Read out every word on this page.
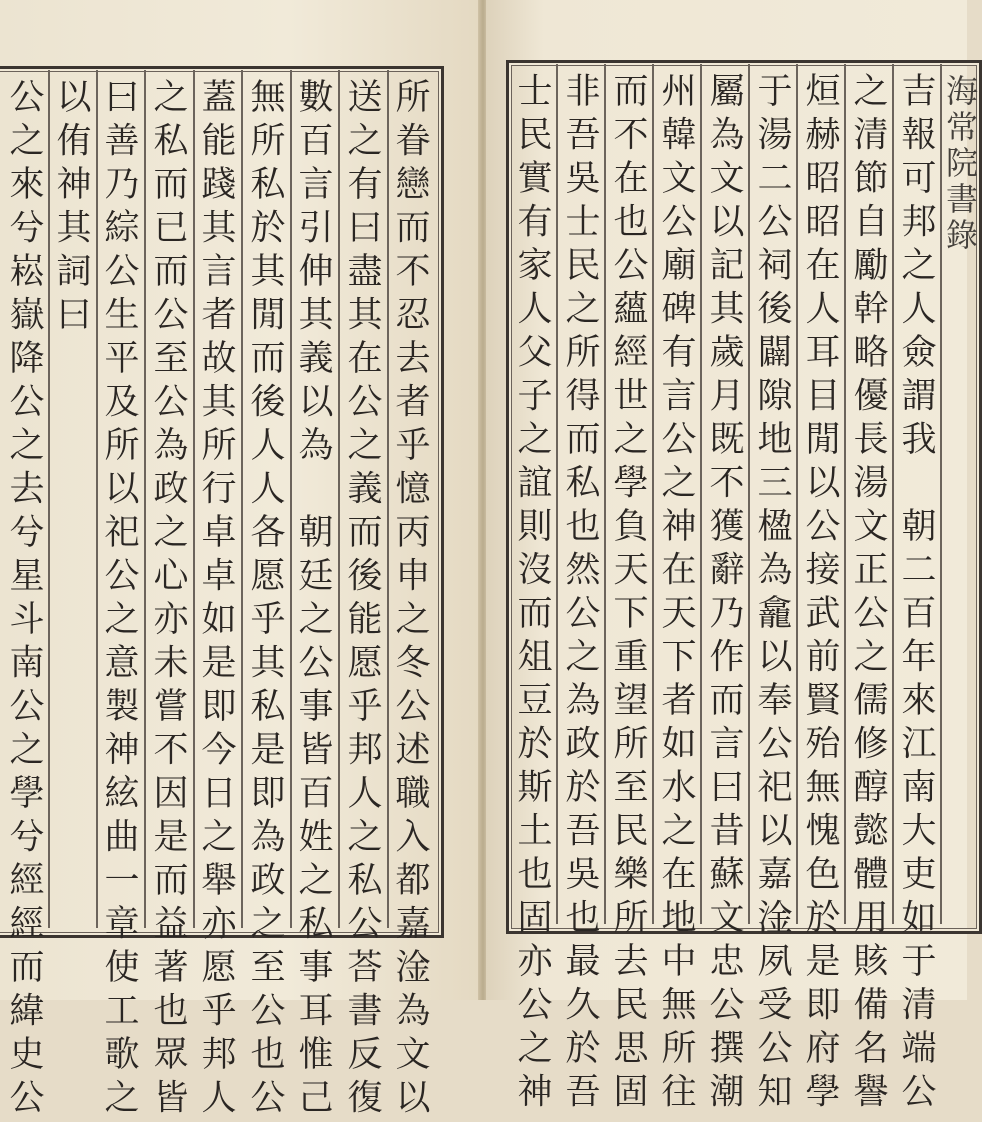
所眷戀而不忍去者乎憶丙申之冬公述職入都嘉淦為文以
送之有曰盡其在公之義而後能愿乎邦人之私公荅書反復
數百言引伸其義以為　朝廷之公事皆百姓之私事耳惟己
無所私於其閒而後人人各愿乎其私是即為政之至公也公
蓋能踐其言者故其所行卓卓如是即今日之舉亦愿乎邦人
之私而已而公至公為政之心亦未嘗不因是而益著也眾皆
曰善乃綜公生平及所以祀公之意製神絃曲一章使工歌之
以侑神其詞曰
公之來兮崧嶽降公之去兮星斗南公之學兮經經而緯史公	吉報可邦之人僉謂我　朝二百年來江南大吏如于清端公
之清節自勵幹略優長湯文正公之儒修醇懿體用賅備名譽
烜赫昭昭在人耳目閒以公接武前賢殆無愧色於是即府學
于湯二公祠後闢隙地三楹為龕以奉公祀以嘉淦夙受公知
屬為文以記其歲月既不獲辭乃作而言曰昔蘇文忠公撰潮
州韓文公廟碑有言公之神在天下者如水之在地中無所往
而不在也公蘊經世之學負天下重望所至民樂所去民思固
非吾吳士民之所得而私也然公之為政於吾吳也最久於吾
士民實有家人父子之誼則沒而俎豆於斯土也固亦公之神	海常院書錄
